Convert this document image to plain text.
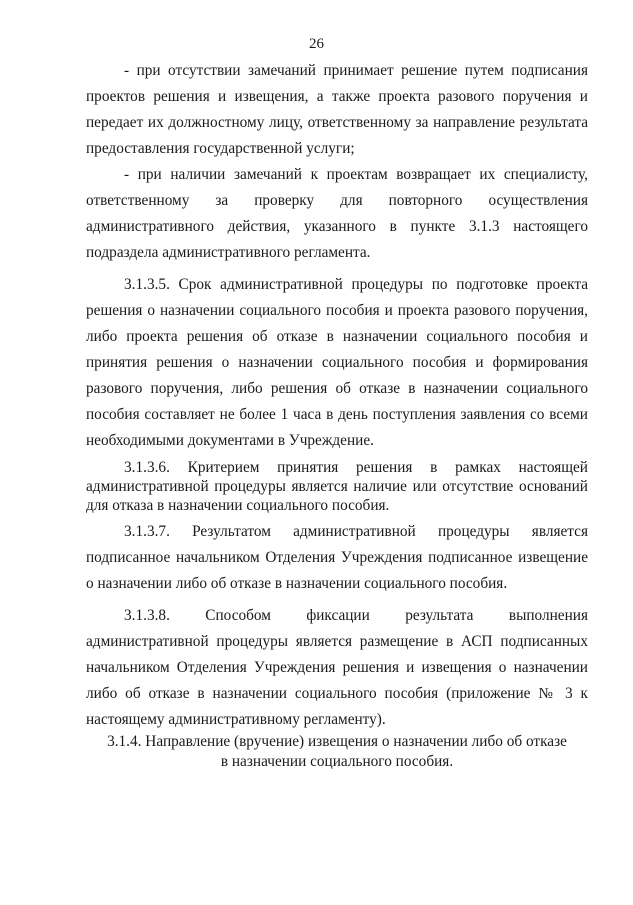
26

- при отсутствии замечаний принимает решение путем подписания проектов решения и извещения, а также проекта разового поручения и передает их должностному лицу, ответственному за направление результата предоставления государственной услуги;

- при наличии замечаний к проектам возвращает их специалисту, ответственному за проверку для повторного осуществления административного действия, указанного в пункте 3.1.3 настоящего подраздела административного регламента.

3.1.3.5. Срок административной процедуры по подготовке проекта решения о назначении социального пособия и проекта разового поручения, либо проекта решения об отказе в назначении социального пособия и принятия решения о назначении социального пособия и формирования разового поручения, либо решения об отказе в назначении социального пособия составляет не более 1 часа в день поступления заявления со всеми необходимыми документами в Учреждение.

3.1.3.6. Критерием принятия решения в рамках настоящей административной процедуры является наличие или отсутствие оснований для отказа в назначении социального пособия.

3.1.3.7. Результатом административной процедуры является подписанное начальником Отделения Учреждения подписанное извещение о назначении либо об отказе в назначении социального пособия.

3.1.3.8. Способом фиксации результата выполнения административной процедуры является размещение в АСП подписанных начальником Отделения Учреждения решения и извещения о назначении либо об отказе в назначении социального пособия (приложение № 3 к настоящему административному регламенту).

3.1.4. Направление (вручение) извещения о назначении либо об отказе
в назначении социального пособия.
